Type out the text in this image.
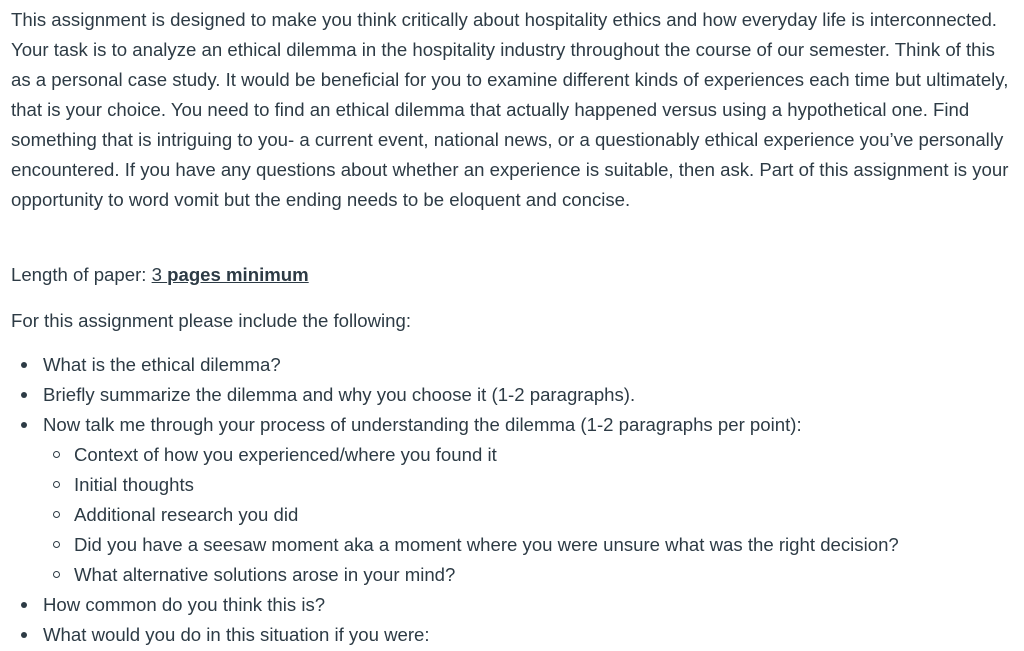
This assignment is designed to make you think critically about hospitality ethics and how everyday life is interconnected. Your task is to analyze an ethical dilemma in the hospitality industry throughout the course of our semester. Think of this as a personal case study. It would be beneficial for you to examine different kinds of experiences each time but ultimately, that is your choice. You need to find an ethical dilemma that actually happened versus using a hypothetical one. Find something that is intriguing to you- a current event, national news, or a questionably ethical experience you’ve personally encountered. If you have any questions about whether an experience is suitable, then ask. Part of this assignment is your opportunity to word vomit but the ending needs to be eloquent and concise.

Length of paper: 3 pages minimum

For this assignment please include the following:

What is the ethical dilemma?
Briefly summarize the dilemma and why you choose it (1-2 paragraphs).
Now talk me through your process of understanding the dilemma (1-2 paragraphs per point):
Context of how you experienced/where you found it
Initial thoughts
Additional research you did
Did you have a seesaw moment aka a moment where you were unsure what was the right decision?
What alternative solutions arose in your mind?
How common do you think this is?
What would you do in this situation if you were:
